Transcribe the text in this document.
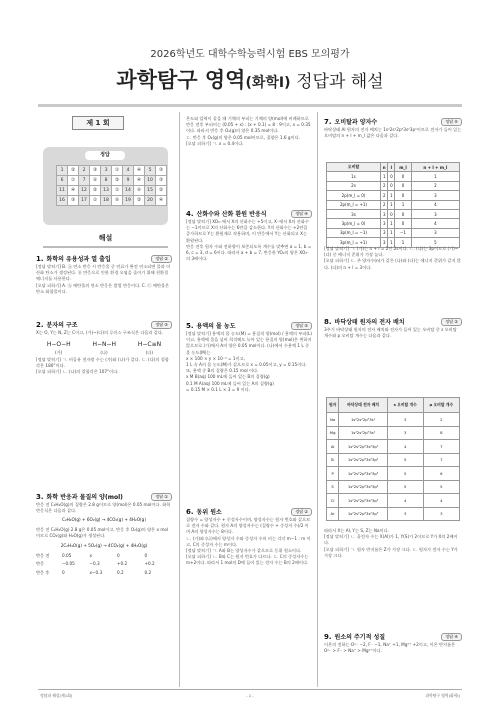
2026학년도 대학수학능력시험 EBS 모의평가
과학탐구 영역(화학Ⅰ) 정답과 해설
제 1 회
정답
1	②	2	③	3	①	4	④	5	③
6	①	7	⑤	8	②	9	④	10	③
11	④	12	②	13	①	14	⑤	15	②
16	③	17	①	18	⑤	19	②	20	④
해설
1. 화학의 유용성과 열 출입	정답 ②
[정답 맞히기] B. Ⓐ 연소 반응 시 반응물 중 연료가 완전 연소되면 물과 이산화 탄소가 생성된다. Ⓑ 반응으로 인한 환경 오염을 줄이기 위해 친환경 에너지를 사용한다.
[오답 피하기] A. Ⓐ 에탄올의 연소 반응은 발열 반응이다. C. Ⓒ 에탄올은 탄소 화합물이다.
2. 분자의 구조	정답 ③
X는 O, Y는 N, Z는 C이고, (가)~(다)의 루이스 구조식은 다음과 같다.
H−O−H	H−N−H	H−C≡N
(가)	(나)	(다)
[정답 맞히기] ㄱ. 비공유 전자쌍 수는 (가)와 (나)가 같다. ㄷ. (다)의 결합각은 180°이다.
[오답 피하기] ㄴ. (나)의 결합각은 107°이다.
3. 화학 반응과 물질의 양(mol)	정답 ①
반응 전 C₂H₄O(g)의 질량은 2.8 g이므로 양(mol)은 0.05 mol이다. 화학 반응식은 다음과 같다.
C₂H₄O(g) + 6O₂(g) → 4CO₂(g) + 4H₂O(g)
반응 전 C₂H₄O(g) 2.8 g은 0.05 mol이고, 반응 후 O₂(g)의 양은 x mol이므로 CO₂(g)와 H₂O(g)가 생성된다.
2C₂H₄O(g) + 5O₂(g) → 4CO₂(g) + 4H₂O(g)
반응 전	0.05	x	0	0
반응	−0.05	−0.3	+0.2	+0.2
반응 후	0	x−0.3	0.2	0.2
온도와 압력이 같을 때 기체의 부피는 기체의 양(mol)에 비례하므로 반응 전후 부피비는 (0.05 + x) : (x + 0.1) = 8 : 9이고, x = 0.35이다. 따라서 반응 후 O₂(g)의 양은 0.35 mol이다.
ㄷ. 반응 후 O₂(g)의 양은 0.05 mol이므로, 질량은 1.6 g이다.
[오답 피하기] ㄱ. x = 0.4이다.
4. 산화수와 산화 환원 반응식	정답 ④
[정답 맞히기] XO₃⁻에서 X의 산화수는 +5이고, X⁻에서 X의 산화수는 −1이므로 X의 산화수는 6만큼 감소한다. Y의 산화수는 +2만큼 증가하므로 Y는 환원제로 작용하며, 이 반응에서 Y는 산화되고 X는 환원된다.
반응 전후 원자 수와 전하량이 보존되도록 계수를 맞추면 a = 1, b = 6, c = 3, d = 6이다. 따라서 a + b = 7, 반응한 YO₂의 양은 XO₃⁻의 3배이다.
5. 용액의 몰 농도	정답 ③
[정답 맞히기] 용액의 몰 농도(M) = 용질의 양(mol) / 용액의 부피(L) 이고, 용액에 물을 넣어 희석해도 녹아 있는 용질의 양(mol)은 변하지 않으므로 (가)에서 A의 양은 0.05 mol이다. (나)에서 수용액 1 L 중 물 농도(M)는
x × 100 × y × 10⁻³ = 1이고,
1 L 속 A의 몰 농도(M)가 같으므로 x = 0.05이고, y = 0.15이다. 또, 용액 중 B의 질량은 0.15 mol 이다.
x M B(aq) 100 mL에 들어 있는 B의 질량(g)
0.1 M A(aq) 100 mL에 들어 있는 A의 질량(g)
= 0.15 M × 0.1 L × 3 = 9 이다.
6. 동위 원소	정답 ①
질량수 = 양성자수 + 중성자수이며, 양성자수는 원자 번호와 같으므로 전자 수와 같다. 원자 A의 양성자수는 (질량수 + 중성자 수)/2 이며 A의 양성자수는 8이다.
ㄴ. (가)와 (나)에서 양성자 수와 중성자 수의 비는 각각 m−1 : m 이고, C의 중성자 수는 m이다.
[정답 맞히기] ㄱ. A와 B는 양성자수가 같으므로 동위 원소이다.
[오답 피하기] ㄴ. B와 C는 원자 번호가 다르다. ㄷ. C의 중성자수는 m+2이다. 따라서 1 mol의 D에 들어 있는 전자 수는 B의 2배이다.
7. 오비탈과 양자수	정답 ⑤
바닥상태 Al 원자의 전자 배치는 1s²2s²2p⁶3s²3p¹이므로 전자가 들어 있는 오비탈의 n + l + m_l 값은 다음과 같다.
오비탈	n	l	m_l	n + l + m_l
1s	1	0	0	1
2s	2	0	0	2
2p(m_l = 0)	2	1	0	3
2p(m_l = +1)	2	1	1	4
3s	3	0	0	3
3p(m_l = 0)	3	1	0	4
3p(m_l = −1)	3	1	−1	3
3p(m_l = +1)	3	1	1	5
[정답 맞히기] ㄱ. (가)는 n + l = 2인 2s이다. ㄴ. (나)는 3p이므로 (가)~(다) 중 에너지 준위가 가장 높다.
[오답 피하기] ㄷ. 주 양자수(n)가 같은 (나)와 (다)는 에너지 준위가 같지 않다. (다)의 n + l = 3이다.
8. 바닥상태 원자의 전자 배치	정답 ②
3주기 바닥상태 원자의 전자 배치와 전자가 들어 있는 오비탈 중 s 오비탈 개수와 p 오비탈 개수는 다음과 같다.
원자	바닥상태 전자 배치	s 오비탈 개수	p 오비탈 개수
Na	1s²2s²2p⁶3s¹	3	2
Mg	1s²2s²2p⁶3s²	3	8
Al	1s²2s²2p⁶3s²3p¹	4	7
Si	1s²2s²2p⁶3s²3p²	5	7
P	1s²2s²2p⁶3s²3p³	5	6
S	1s²2s²2p⁶3s²3p⁴	5	5
Cl	1s²2s²2p⁶3s²3p⁵	4	4
Ar	1s²2s²2p⁶3s²3p⁶	3	3
따라서 X는 Al, Y는 S, Z는 Na이다.
[정답 맞히기] ㄴ. 홀전자 수는 X(Al)가 1, Y(S)가 2이므로 Y가 X의 2배이다.
[오답 피하기] ㄱ. 원자 반지름은 Z가 가장 크다. ㄷ. 원자가 전자 수는 Y가 가장 크다.
9. 원소의 주기적 성질	정답 ④
이온의 전하는 O²⁻ −2, F⁻ −1, Na⁺ +1, Mg²⁺ +2이고, 이온 반지름은 O²⁻ > F⁻ > Na⁺ > Mg²⁺이다.
정답과 해설(제1회)	- 1 -	과학탐구 영역(화학Ⅰ)
